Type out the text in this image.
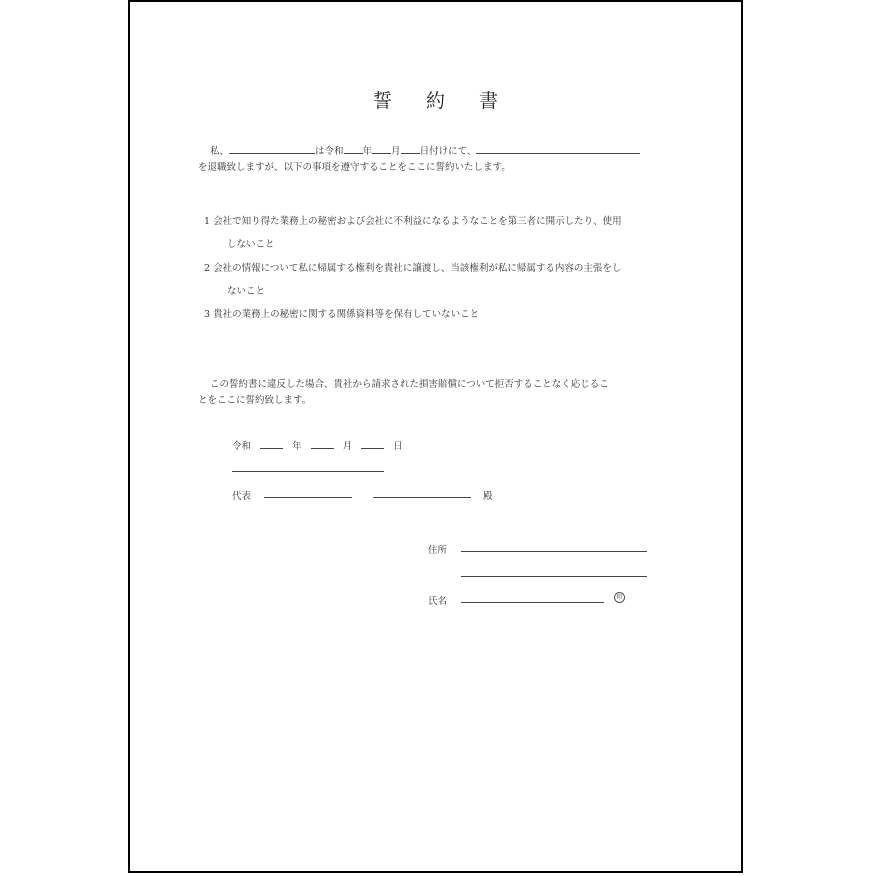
誓 約 書
私、	は令和 年 月 日付けにて、
を退職致しますが、以下の事項を遵守することをここに誓約いたします。
1 会社で知り得た業務上の秘密および会社に不利益になるようなことを第三者に開示したり、使用
しないこと
2 会社の情報について私に帰属する権利を貴社に譲渡し、当該権利が私に帰属する内容の主張をし
ないこと
3 貴社の業務上の秘密に関する関係資料等を保有していないこと
この誓約書に違反した場合、貴社から請求された損害賠償について拒否することなく応じるこ
とをここに誓約致します。
令和	年	月	日
代表	殿
住所
氏名	印
